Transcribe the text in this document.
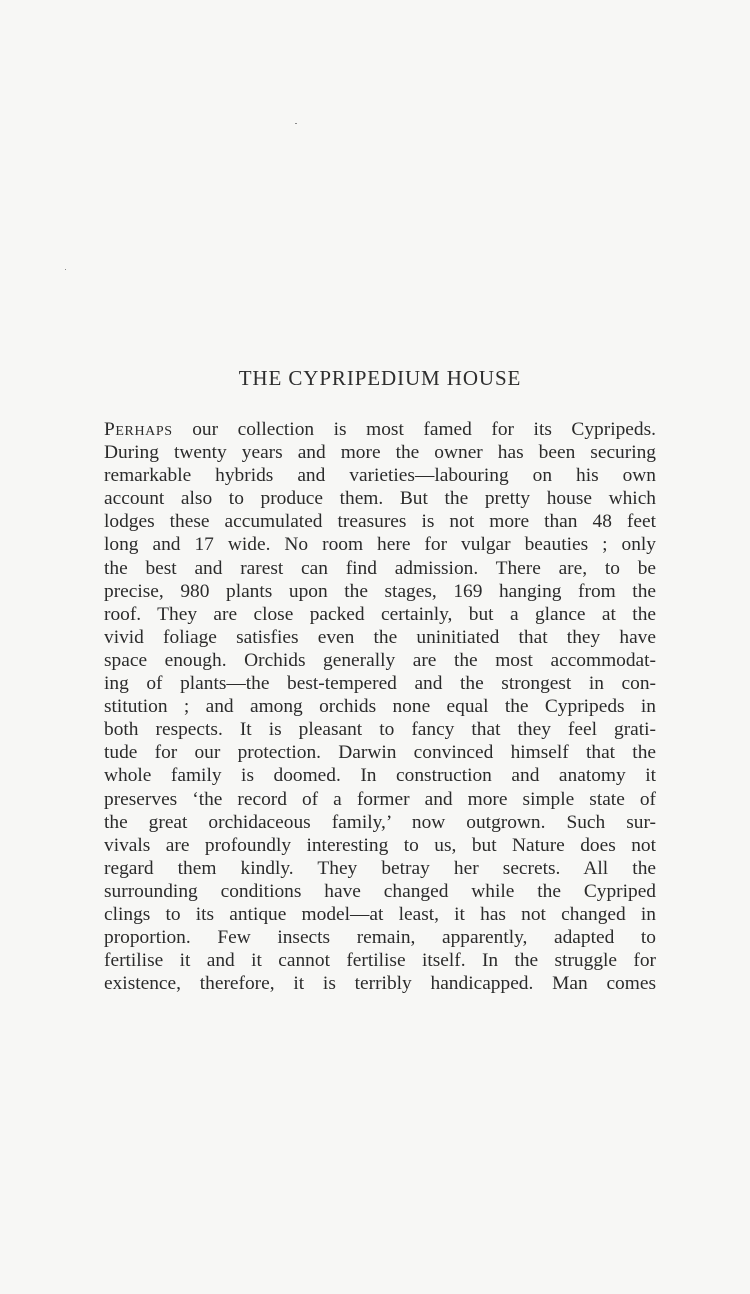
THE CYPRIPEDIUM HOUSE
Perhaps our collection is most famed for its Cypripeds.
During twenty years and more the owner has been securing
remarkable hybrids and varieties—labouring on his own
account also to produce them. But the pretty house which
lodges these accumulated treasures is not more than 48 feet
long and 17 wide. No room here for vulgar beauties ; only
the best and rarest can find admission. There are, to be
precise, 980 plants upon the stages, 169 hanging from the
roof. They are close packed certainly, but a glance at the
vivid foliage satisfies even the uninitiated that they have
space enough. Orchids generally are the most accommodat-
ing of plants—the best-tempered and the strongest in con-
stitution ; and among orchids none equal the Cypripeds in
both respects. It is pleasant to fancy that they feel grati-
tude for our protection. Darwin convinced himself that the
whole family is doomed. In construction and anatomy it
preserves ‘the record of a former and more simple state of
the great orchidaceous family,’ now outgrown. Such sur-
vivals are profoundly interesting to us, but Nature does not
regard them kindly. They betray her secrets. All the
surrounding conditions have changed while the Cypriped
clings to its antique model—at least, it has not changed in
proportion. Few insects remain, apparently, adapted to
fertilise it and it cannot fertilise itself. In the struggle for
existence, therefore, it is terribly handicapped. Man comes
